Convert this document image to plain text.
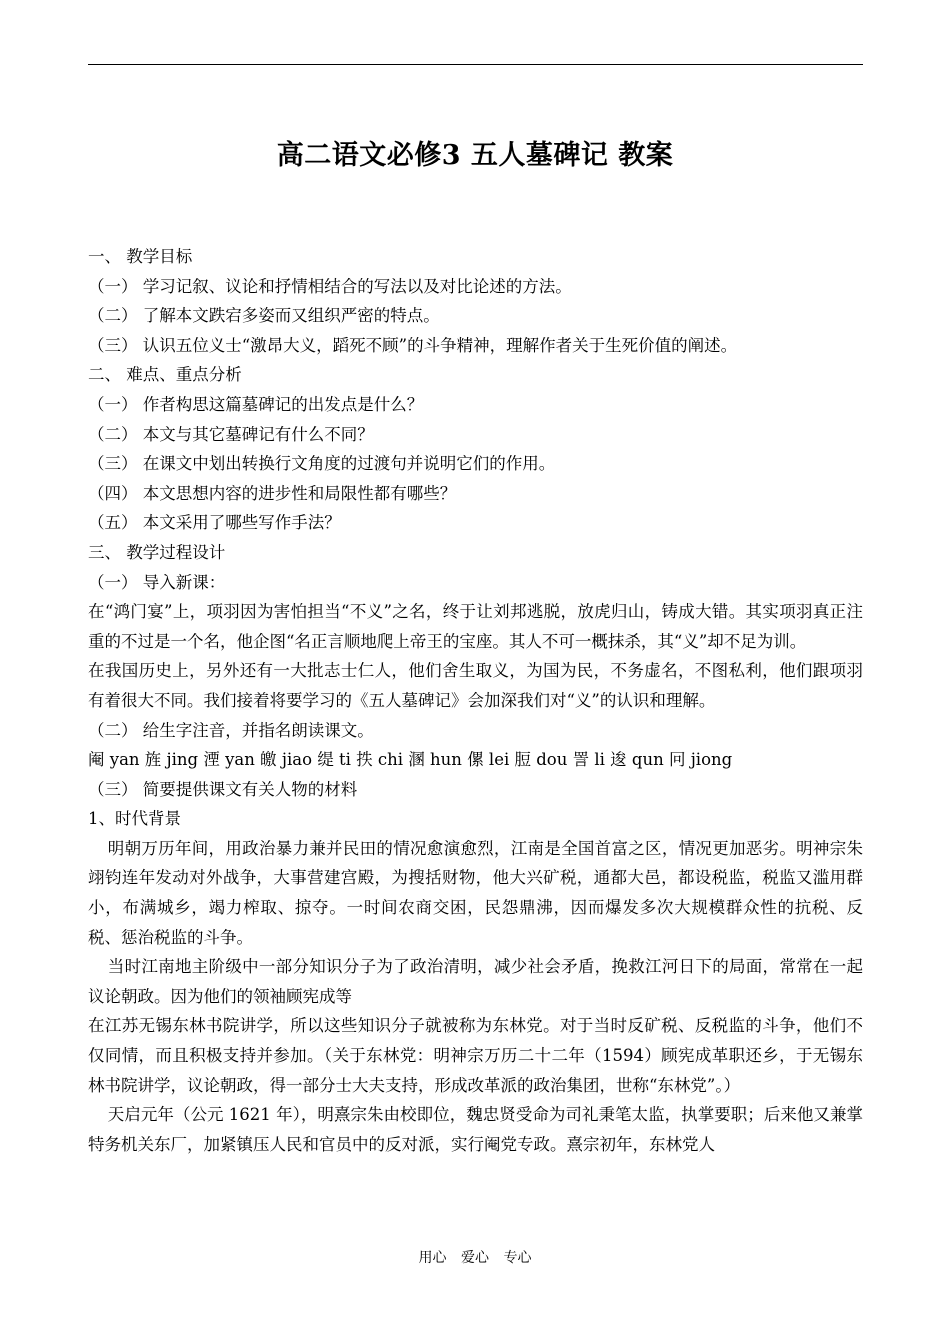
高二语文必修3 五人墓碑记 教案

一、 教学目标

（一） 学习记叙、议论和抒情相结合的写法以及对比论述的方法。

（二） 了解本文跌宕多姿而又组织严密的特点。

（三） 认识五位义士“激昂大义，蹈死不顾”的斗争精神，理解作者关于生死价值的阐述。

二、 难点、重点分析

（一） 作者构思这篇墓碑记的出发点是什么？

（二） 本文与其它墓碑记有什么不同？

（三） 在课文中划出转换行文角度的过渡句并说明它们的作用。

（四） 本文思想内容的进步性和局限性都有哪些？

（五） 本文采用了哪些写作手法？

三、 教学过程设计

（一） 导入新课：

在“鸿门宴”上，项羽因为害怕担当“不义”之名，终于让刘邦逃脱，放虎归山，铸成大错。其实项羽真正注重的不过是一个名，他企图“名正言顺地爬上帝王的宝座。其人不可一概抹杀，其“义”却不足为训。

在我国历史上，另外还有一大批志士仁人，他们舍生取义，为国为民，不务虚名，不图私利，他们跟项羽有着很大不同。我们接着将要学习的《五人墓碑记》会加深我们对“义”的认识和理解。

（二） 给生字注音，并指名朗读课文。

阉 yan 旌 jing 湮 yan 皦 jiao 缇 ti 抶 chi 溷 hun 傫 lei 脰 dou 詈 li 逡 qun 冋 jiong

（三） 简要提供课文有关人物的材料

1、时代背景

明朝万历年间，用政治暴力兼并民田的情况愈演愈烈，江南是全国首富之区，情况更加恶劣。明神宗朱翊钧连年发动对外战争，大事营建宫殿，为搜括财物，他大兴矿税，通都大邑，都设税监，税监又滥用群小，布满城乡，竭力榨取、掠夺。一时间农商交困，民怨鼎沸，因而爆发多次大规模群众性的抗税、反税、惩治税监的斗争。

当时江南地主阶级中一部分知识分子为了政治清明，减少社会矛盾，挽救江河日下的局面，常常在一起议论朝政。因为他们的领袖顾宪成等

在江苏无锡东林书院讲学，所以这些知识分子就被称为东林党。对于当时反矿税、反税监的斗争，他们不仅同情，而且积极支持并参加。（关于东林党：明神宗万历二十二年（1594）顾宪成革职还乡，于无锡东林书院讲学，议论朝政，得一部分士大夫支持，形成改革派的政治集团，世称“东林党”。）

天启元年（公元 1621 年），明熹宗朱由校即位，魏忠贤受命为司礼秉笔太监，执掌要职；后来他又兼掌特务机关东厂，加紧镇压人民和官员中的反对派，实行阉党专政。熹宗初年，东林党人

用心 爱心 专心
